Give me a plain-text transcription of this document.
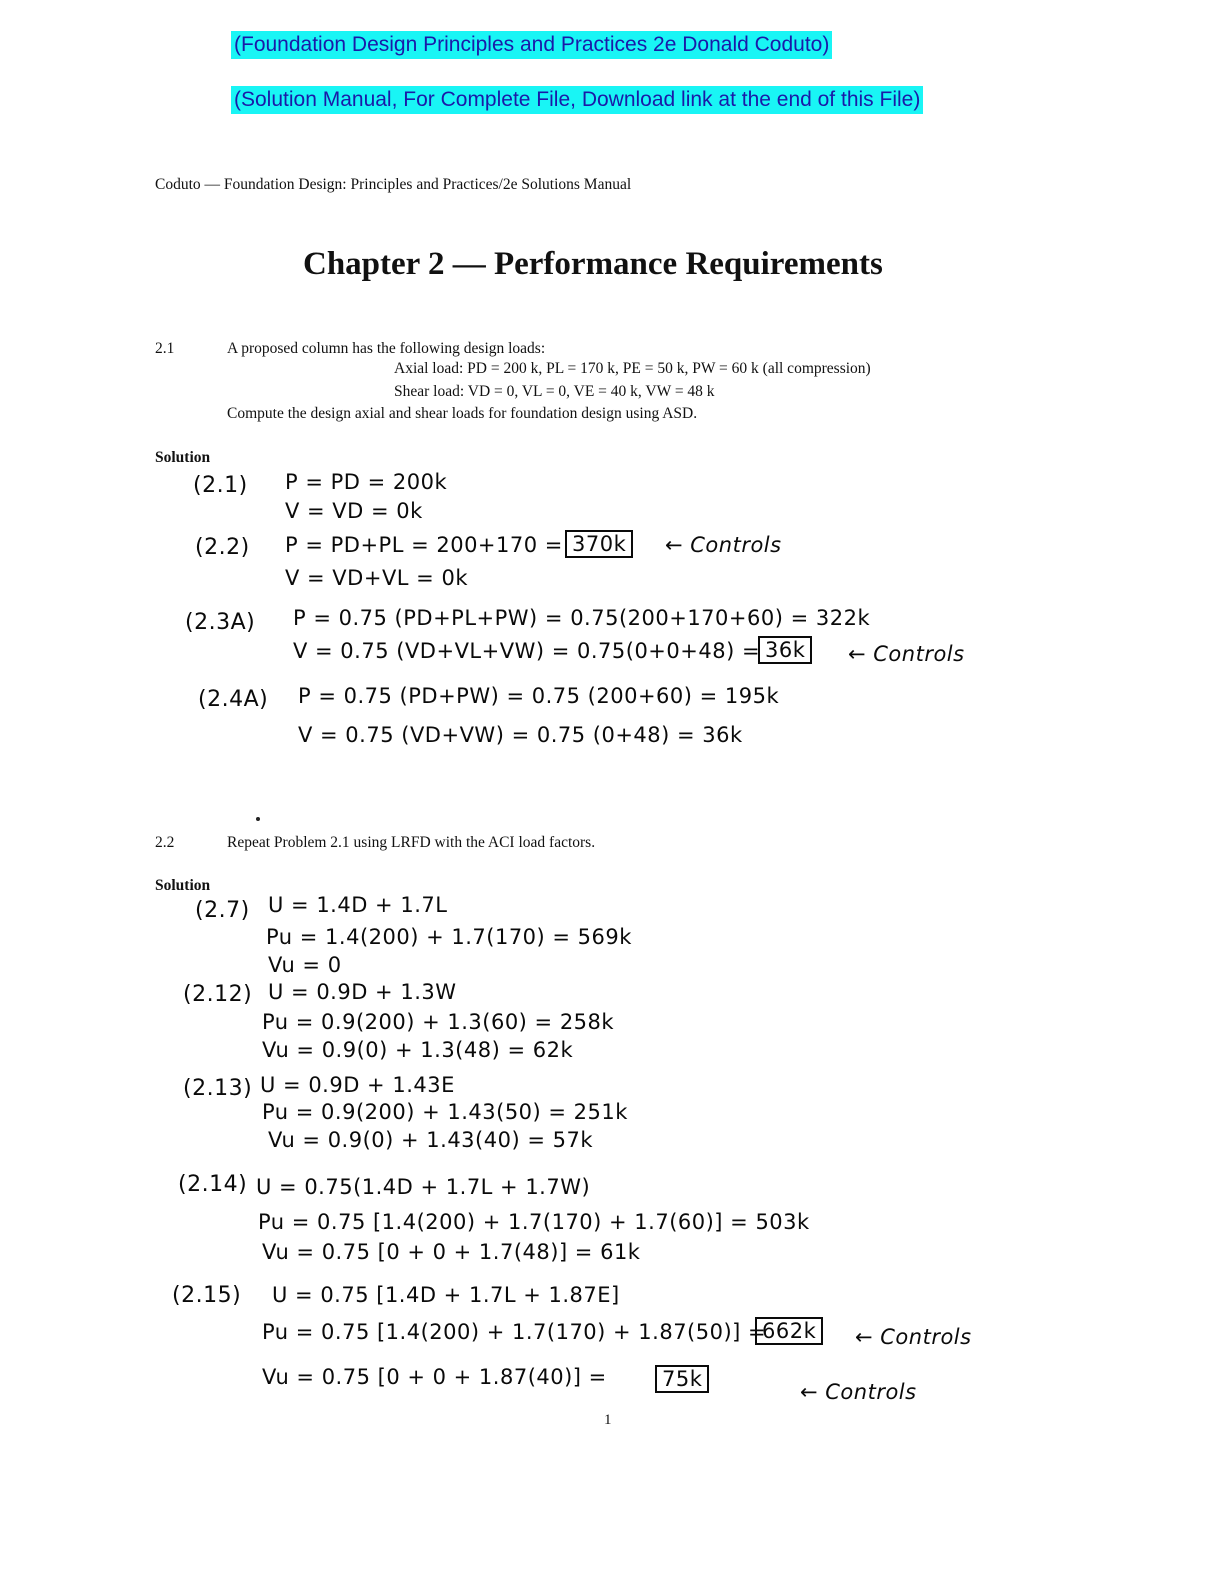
(Foundation Design Principles and Practices 2e Donald Coduto)
(Solution Manual, For Complete File, Download link at the end of this File)
Coduto — Foundation Design: Principles and Practices/2e Solutions Manual
Chapter 2 — Performance Requirements
2.1	A proposed column has the following design loads:
Axial load: PD = 200 k, PL = 170 k, PE = 50 k, PW = 60 k (all compression)
Shear load: VD = 0, VL = 0, VE = 40 k, VW = 48 k
Compute the design axial and shear loads for foundation design using ASD.
Solution
(2.1) P = PD = 200k
V = VD = 0k
(2.2) P = PD+PL = 200+170 = 370k	← Controls
V = VD+VL = 0k
(2.3A) P = 0.75 (PD+PL+PW) = 0.75(200+170+60) = 322k
V = 0.75 (VD+VL+VW) = 0.75(0+0+48) = 36k	← Controls
(2.4A) P = 0.75 (PD+PW) = 0.75 (200+60) = 195k
V = 0.75 (VD+VW) = 0.75 (0+48) = 36k
2.2	Repeat Problem 2.1 using LRFD with the ACI load factors.
Solution
(2.7) U = 1.4D + 1.7L
Pu = 1.4(200) + 1.7(170) = 569k
Vu = 0
(2.12) U = 0.9D + 1.3W
Pu = 0.9(200) + 1.3(60) = 258k
Vu = 0.9(0) + 1.3(48) = 62k
(2.13) U = 0.9D + 1.43E
Pu = 0.9(200) + 1.43(50) = 251k
Vu = 0.9(0) + 1.43(40) = 57k
(2.14) U = 0.75(1.4D + 1.7L + 1.7W)
Pu = 0.75 [1.4(200) + 1.7(170) + 1.7(60)] = 503k
Vu = 0.75 [0 + 0 + 1.7(48)] = 61k
(2.15) U = 0.75 [1.4D + 1.7L + 1.87E]
Pu = 0.75 [1.4(200) + 1.7(170) + 1.87(50)] =
662k	← Controls
Vu = 0.75 [0 + 0 + 1.87(40)] =	75k
← Controls
1
